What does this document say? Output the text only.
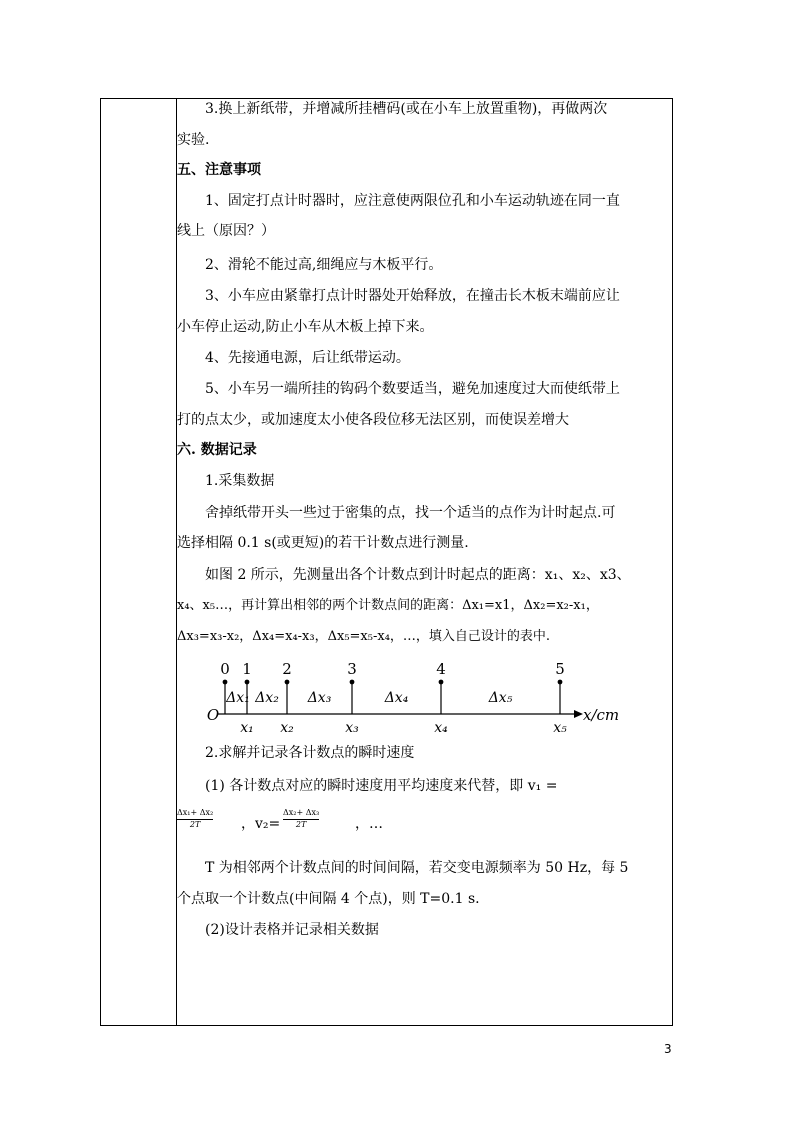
3.换上新纸带，并增减所挂槽码(或在小车上放置重物)，再做两次
实验.
五、注意事项
1、固定打点计时器时，应注意使两限位孔和小车运动轨迹在同一直
线上（原因？）
2、滑轮不能过高,细绳应与木板平行。
3、小车应由紧靠打点计时器处开始释放，在撞击长木板末端前应让
小车停止运动,防止小车从木板上掉下来。
4、先接通电源，后让纸带运动。
5、小车另一端所挂的钩码个数要适当，避免加速度过大而使纸带上
打的点太少，或加速度太小使各段位移无法区别，而使误差增大
六. 数据记录
1.采集数据
舍掉纸带开头一些过于密集的点，找一个适当的点作为计时起点.可
选择相隔 0.1 s(或更短)的若干计数点进行测量.
如图 2 所示，先测量出各个计数点到计时起点的距离：x₁、x₂、x3、
x₄、x₅…，再计算出相邻的两个计数点间的距离：Δx₁=x1，Δx₂=x₂-x₁，
Δx₃=x₃-x₂，Δx₄=x₄-x₃，Δx₅=x₅-x₄，…，填入自己设计的表中.
0 1 2	3	4	5
Δx₁ Δx₂ Δx₃	Δx₄	Δx₅
x₁ x₂	x₃	x₄	x₅
O	x/cm
2.求解并记录各计数点的瞬时速度
(1) 各计数点对应的瞬时速度用平均速度来代替，即 v₁ =
Δx₁+ Δx₂
2T	，v₂=
Δx₂+ Δx₃
2T	，…
T 为相邻两个计数点间的时间间隔，若交变电源频率为 50 Hz，每 5
个点取一个计数点(中间隔 4 个点)，则 T=0.1 s.
(2)设计表格并记录相关数据
3
